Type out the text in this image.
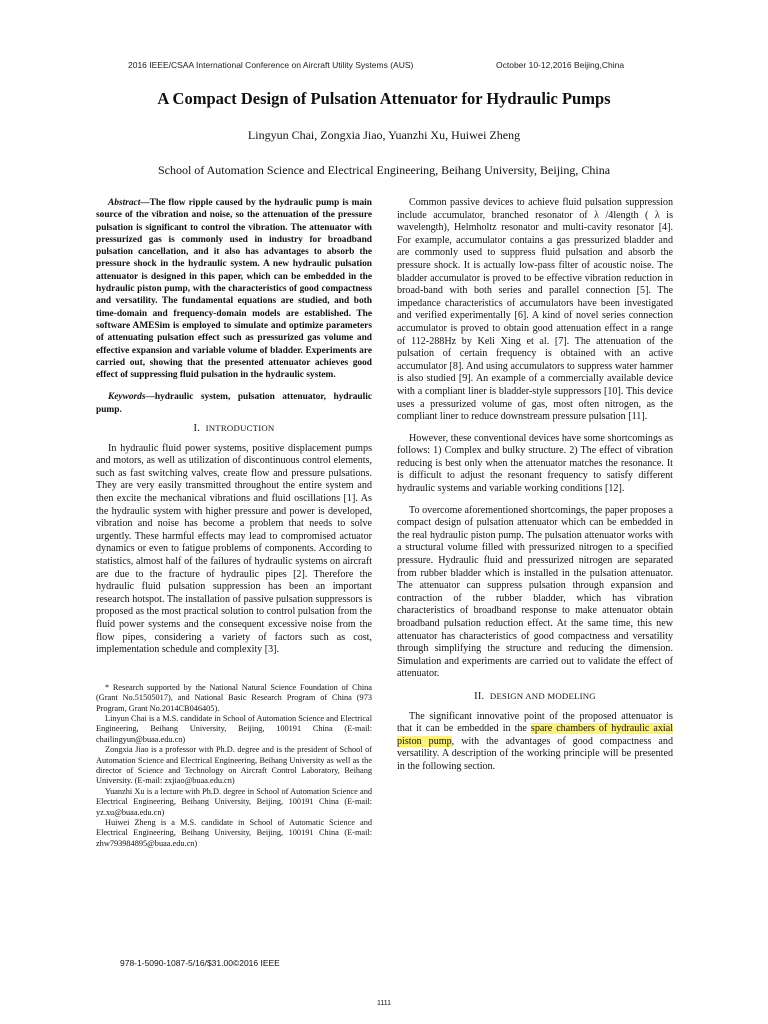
2016 IEEE/CSAA International Conference on Aircraft Utility Systems (AUS)	October 10-12,2016 Beijing,China
A Compact Design of Pulsation Attenuator for Hydraulic Pumps
Lingyun Chai, Zongxia Jiao, Yuanzhi Xu, Huiwei Zheng
School of Automation Science and Electrical Engineering, Beihang University, Beijing, China
Abstract—The flow ripple caused by the hydraulic pump is main source of the vibration and noise, so the attenuation of the pressure pulsation is significant to control the vibration. The attenuator with pressurized gas is commonly used in industry for broadband pulsation cancellation, and it also has advantages to absorb the pressure shock in the hydraulic system. A new hydraulic pulsation attenuator is designed in this paper, which can be embedded in the hydraulic piston pump, with the characteristics of good compactness and versatility. The fundamental equations are studied, and both time-domain and frequency-domain models are established. The software AMESim is employed to simulate and optimize parameters of attenuating pulsation effect such as pressurized gas volume and effective expansion and variable volume of bladder. Experiments are carried out, showing that the presented attenuator achieves good effect of suppressing fluid pulsation in the hydraulic system.
Keywords—hydraulic system, pulsation attenuator, hydraulic pump.
I. INTRODUCTION

In hydraulic fluid power systems, positive displacement pumps and motors, as well as utilization of discontinuous control elements, such as fast switching valves, create flow and pressure pulsations. They are very easily transmitted throughout the entire system and then excite the mechanical vibrations and fluid oscillations [1]. As the hydraulic system with higher pressure and power is developed, vibration and noise has become a problem that needs to solve urgently. These harmful effects may lead to compromised actuator dynamics or even to fatigue problems of components. According to statistics, almost half of the failures of hydraulic systems on aircraft are due to the fracture of hydraulic pipes [2]. Therefore the hydraulic fluid pulsation suppression has been an important research hotspot. The installation of passive pulsation suppressors is proposed as the most practical solution to control pulsation from the fluid power systems and the consequent excessive noise from the flow pipes, considering a variety of factors such as cost, implementation schedule and complexity [3].

* Research supported by the National Natural Science Foundation of China (Grant No.51505017), and National Basic Research Program of China (973 Program, Grant No.2014CB046405).

Linyun Chai is a M.S. candidate in School of Automation Science and Electrical Engineering, Beihang University, Beijing, 100191 China (E-mail: chailingyun@buaa.edu.cn)

Zongxia Jiao is a professor with Ph.D. degree and is the president of School of Automation Science and Electrical Engineering, Beihang University as well as the director of Science and Technology on Aircraft Control Laboratory, Beihang University. (E-mail: zxjiao@buaa.edu.cn)

Yuanzhi Xu is a lecture with Ph.D. degree in School of Automation Science and Electrical Engineering, Beihang University, Beijing, 100191 China (E-mail: yz.xu@buaa.edu.cn)

Huiwei Zheng is a M.S. candidate in School of Automatic Science and Electrical Engineering, Beihang University, Beijing, 100191 China (E-mail: zhw793984895@buaa.edu.cn)

Common passive devices to achieve fluid pulsation suppression include accumulator, branched resonator of λ /4length ( λ is wavelength), Helmholtz resonator and multi-cavity resonator [4]. For example, accumulator contains a gas pressurized bladder and are commonly used to suppress fluid pulsation and absorb the pressure shock. It is actually low-pass filter of acoustic noise. The bladder accumulator is proved to be effective vibration reduction in broad-band with both series and parallel connection [5]. The impedance characteristics of accumulators have been investigated and verified experimentally [6]. A kind of novel series connection accumulator is proved to obtain good attenuation effect in a range of 112-288Hz by Keli Xing et al. [7]. The attenuation of the pulsation of certain frequency is obtained with an active accumulator [8]. And using accumulators to suppress water hammer is also studied [9]. An example of a commercially available device with a compliant liner is bladder-style suppressors [10]. This device uses a pressurized volume of gas, most often nitrogen, as the compliant liner to reduce downstream pressure pulsation [11].

However, these conventional devices have some shortcomings as follows: 1) Complex and bulky structure. 2) The effect of vibration reducing is best only when the attenuator matches the resonance. It is difficult to adjust the resonant frequency to satisfy different hydraulic systems and variable working conditions [12].

To overcome aforementioned shortcomings, the paper proposes a compact design of pulsation attenuator which can be embedded in the real hydraulic piston pump. The pulsation attenuator works with a structural volume filled with pressurized nitrogen to a specified pressure. Hydraulic fluid and pressurized nitrogen are separated from rubber bladder which is installed in the pulsation attenuator. The attenuator can suppress pulsation through expansion and contraction of the rubber bladder, which has vibration characteristics of broadband response to make attenuator obtain broadband pulsation reduction effect. At the same time, this new attenuator has characteristics of good compactness and versatility through simplifying the structure and reducing the dimension. Simulation and experiments are carried out to validate the effect of attenuator.

II. DESIGN AND MODELING

The significant innovative point of the proposed attenuator is that it can be embedded in the spare chambers of hydraulic axial piston pump, with the advantages of good compactness and versatility. A description of the working principle will be presented in the following section.

978-1-5090-1087-5/16/$31.00©2016 IEEE
1111
